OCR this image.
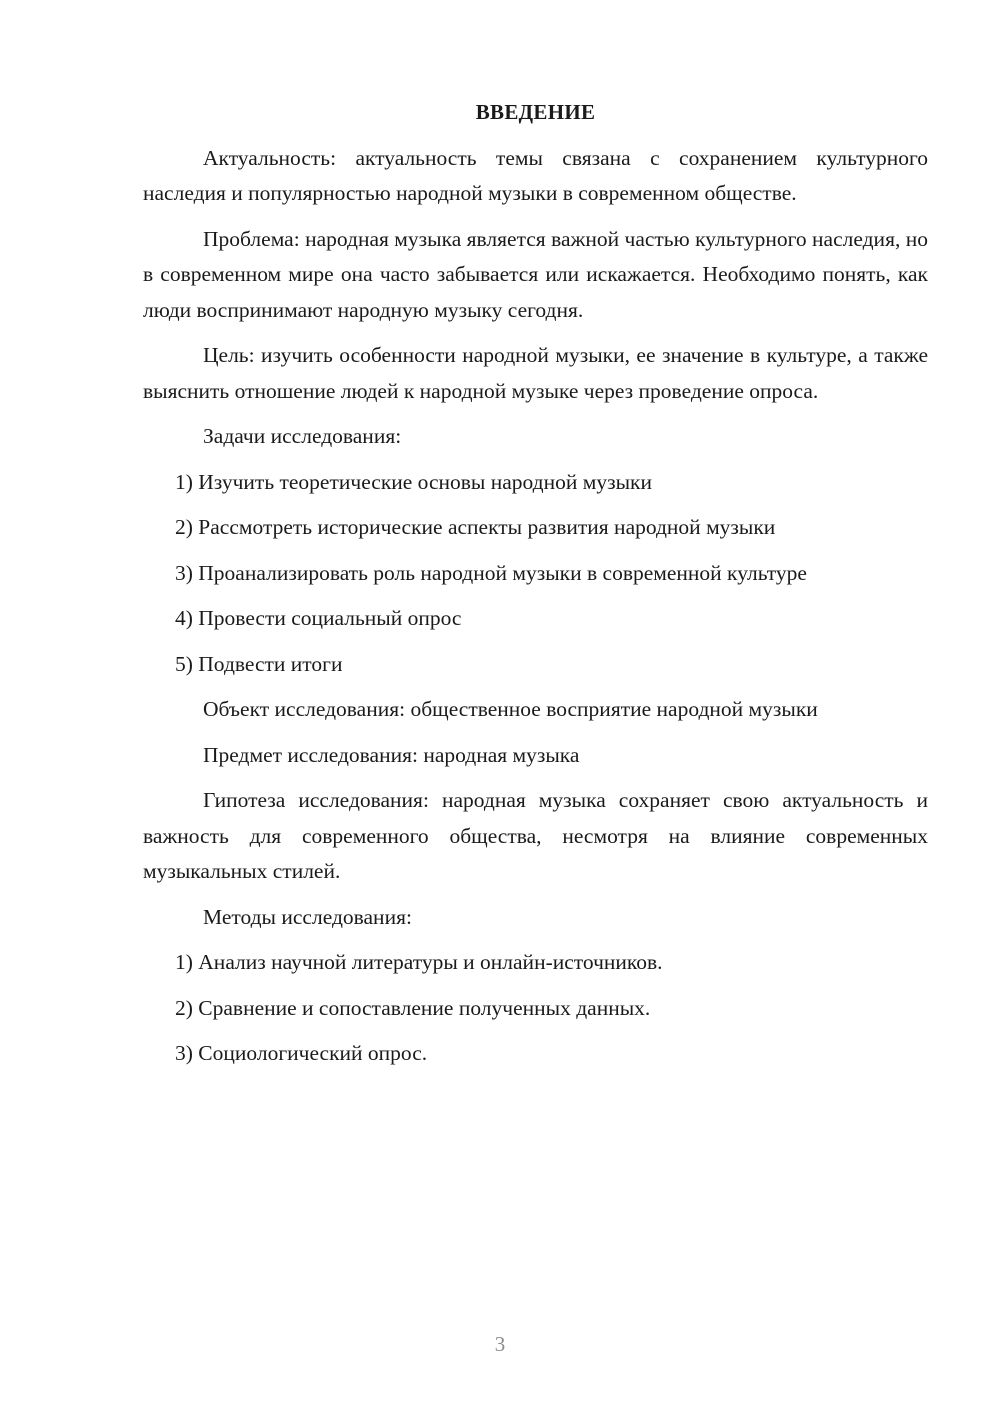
ВВЕДЕНИЕ

Актуальность: актуальность темы связана с сохранением культурного наследия и популярностью народной музыки в современном обществе.

Проблема: народная музыка является важной частью культурного наследия, но в современном мире она часто забывается или искажается. Необходимо понять, как люди воспринимают народную музыку сегодня.

Цель: изучить особенности народной музыки, ее значение в культуре, а также выяснить отношение людей к народной музыке через проведение опроса.

Задачи исследования:

1) Изучить теоретические основы народной музыки

2) Рассмотреть исторические аспекты развития народной музыки

3) Проанализировать роль народной музыки в современной культуре

4) Провести социальный опрос

5) Подвести итоги

Объект исследования: общественное восприятие народной музыки

Предмет исследования: народная музыка

Гипотеза исследования: народная музыка сохраняет свою актуальность и важность для современного общества, несмотря на влияние современных музыкальных стилей.

Методы исследования:

1) Анализ научной литературы и онлайн-источников.

2) Сравнение и сопоставление полученных данных.

3) Социологический опрос.

3
